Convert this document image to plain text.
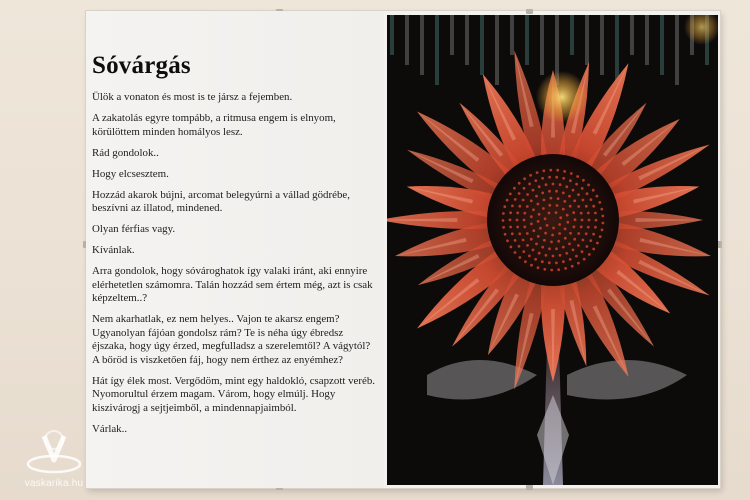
Sóvárgás

Ülök a vonaton és most is te jársz a fejemben.

A zakatolás egyre tompább, a ritmusa engem is elnyom, körülöttem minden homályos lesz.

Rád gondolok..

Hogy elcsesztem.

Hozzád akarok bújni, arcomat belegyúrni a vállad gödrébe, beszívni az illatod, mindened.

Olyan férfias vagy.

Kívánlak.

Arra gondolok, hogy sóvároghatok így valaki iránt, aki ennyire elérhetetlen számomra. Talán hozzád sem értem még, azt is csak képzeltem..?

Nem akarhatlak, ez nem helyes.. Vajon te akarsz engem? Ugyanolyan fájóan gondolsz rám? Te is néha úgy ébredsz éjszaka, hogy úgy érzed, megfulladsz a szerelemtől? A vágytól? A bőröd is viszketően fáj, hogy nem érthez az enyémhez?

Hát így élek most. Vergődöm, mint egy haldokló, csapzott veréb. Nyomorultul érzem magam. Várom, hogy elmúlj. Hogy kiszivárogj a sejtjeimből, a mindennapjaimból.

Várlak..

vaskarika.hu
